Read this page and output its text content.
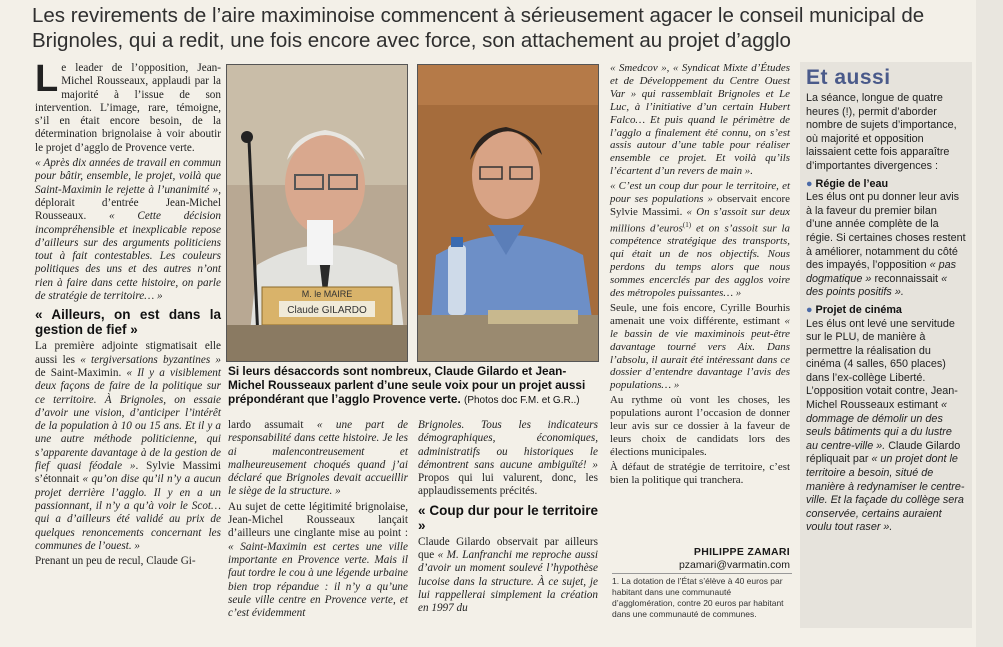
Les revirements de l’aire maximinoise commencent à sérieusement agacer le conseil municipal de Brignoles, qui a redit, une fois encore avec force, son attachement au projet d’agglo

Le leader de l’opposition, Jean-Michel Rousseaux, applaudi par la majorité à l’issue de son intervention. L’image, rare, témoigne, s’il en était encore besoin, de la détermination brignolaise à voir aboutir le projet d’agglo de Provence verte.

« Après dix années de travail en commun pour bâtir, ensemble, le projet, voilà que Saint-Maximin le rejette à l’unanimité », déplorait d’entrée Jean-Michel Rousseaux. « Cette décision incompréhensible et inexplicable repose d’ailleurs sur des arguments politiciens tout à fait contestables. Les couleurs politiques des uns et des autres n’ont rien à faire dans cette histoire, on parle de stratégie de territoire… »

« Ailleurs, on est dans la gestion de fief »

La première adjointe stigmatisait elle aussi les « tergiversations byzantines » de Saint-Maximin. « Il y a visiblement deux façons de faire de la politique sur ce territoire. À Brignoles, on essaie d’avoir une vision, d’anticiper l’intérêt de la population à 10 ou 15 ans. Et il y a une autre méthode politicienne, qui s’apparente davantage à de la gestion de fief quasi féodale ». Sylvie Massimi s’étonnait « qu’on dise qu’il n’y a aucun projet derrière l’agglo. Il y en a un passionnant, il n’y a qu’à voir le Scot… qui a d’ailleurs été validé au prix de quelques renoncements concernant les communes de l’ouest. »

Prenant un peu de recul, Claude Gi-

M. le MAIRE
Claude GILARDO
Si leurs désaccords sont nombreux, Claude Gilardo et Jean-Michel Rousseaux parlent d’une seule voix pour un projet aussi prépondérant que l’agglo Provence verte. (Photos doc F.M. et G.R..)

lardo assumait « une part de responsabilité dans cette histoire. Je les ai malencontreusement et malheureusement choqués quand j’ai déclaré que Brignoles devait accueillir le siège de la structure. »

Au sujet de cette légitimité brignolaise, Jean-Michel Rousseaux lançait d’ailleurs une cinglante mise au point : « Saint-Maximin est certes une ville importante en Provence verte. Mais il faut tordre le cou à une légende urbaine bien trop répandue : il n’y a qu’une seule ville centre en Provence verte, et c’est évidemment

Brignoles. Tous les indicateurs démographiques, économiques, administratifs ou historiques le démontrent sans aucune ambiguïté! » Propos qui lui valurent, donc, les applaudissements précités.

« Coup dur pour le territoire »

Claude Gilardo observait par ailleurs que « M. Lanfranchi me reproche aussi d’avoir un moment soulevé l’hypothèse lucoise dans la structure. À ce sujet, je lui rappellerai simplement la création en 1997 du

« Smedcov », « Syndicat Mixte d’Études et de Développement du Centre Ouest Var » qui rassemblait Brignoles et Le Luc, à l’initiative d’un certain Hubert Falco… Et puis quand le périmètre de l’agglo a finalement été connu, on s’est assis autour d’une table pour réaliser ensemble ce projet. Et voilà qu’ils l’écartent d’un revers de main ».

« C’est un coup dur pour le territoire, et pour ses populations » observait encore Sylvie Massimi. « On s’assoit sur deux millions d’euros$^{(1)}$ et on s’assoit sur la compétence stratégique des transports, qui était un de nos objectifs. Nous perdons du temps alors que nous sommes encerclés par des agglos voire des métropoles puissantes… »

Seule, une fois encore, Cyrille Bourhis amenait une voix différente, estimant « le bassin de vie maximinois peut-être davantage tourné vers Aix. Dans l’absolu, il aurait été intéressant dans ce dossier d’entendre davantage l’avis des populations… »

Au rythme où vont les choses, les populations auront l’occasion de donner leur avis sur ce dossier à la faveur de leurs choix de candidats lors des élections municipales.

À défaut de stratégie de territoire, c’est bien la politique qui tranchera.

PHILIPPE ZAMARI
pzamari@varmatin.com
1. La dotation de l’État s’élève à 40 euros par habitant dans une communauté d’agglomération, contre 20 euros par habitant dans une communauté de communes.
Et aussi

La séance, longue de quatre heures (!), permit d’aborder nombre de sujets d’importance, où majorité et opposition laissaient cette fois apparaître d’importantes divergences :

● Régie de l’eau

Les élus ont pu donner leur avis à la faveur du premier bilan d’une année complète de la régie. Si certaines choses restent à améliorer, notamment du côté des impayés, l’opposition « pas dogmatique » reconnaissait « des points positifs ».

● Projet de cinéma

Les élus ont levé une servitude sur le PLU, de manière à permettre la réalisation du cinéma (4 salles, 650 places) dans l’ex-collège Liberté. L’opposition votait contre, Jean-Michel Rousseaux estimant « dommage de démolir un des seuls bâtiments qui a du lustre au centre-ville ». Claude Gilardo répliquait par « un projet dont le territoire a besoin, situé de manière à redynamiser le centre-ville. Et la façade du collège sera conservée, certains auraient voulu tout raser ».
